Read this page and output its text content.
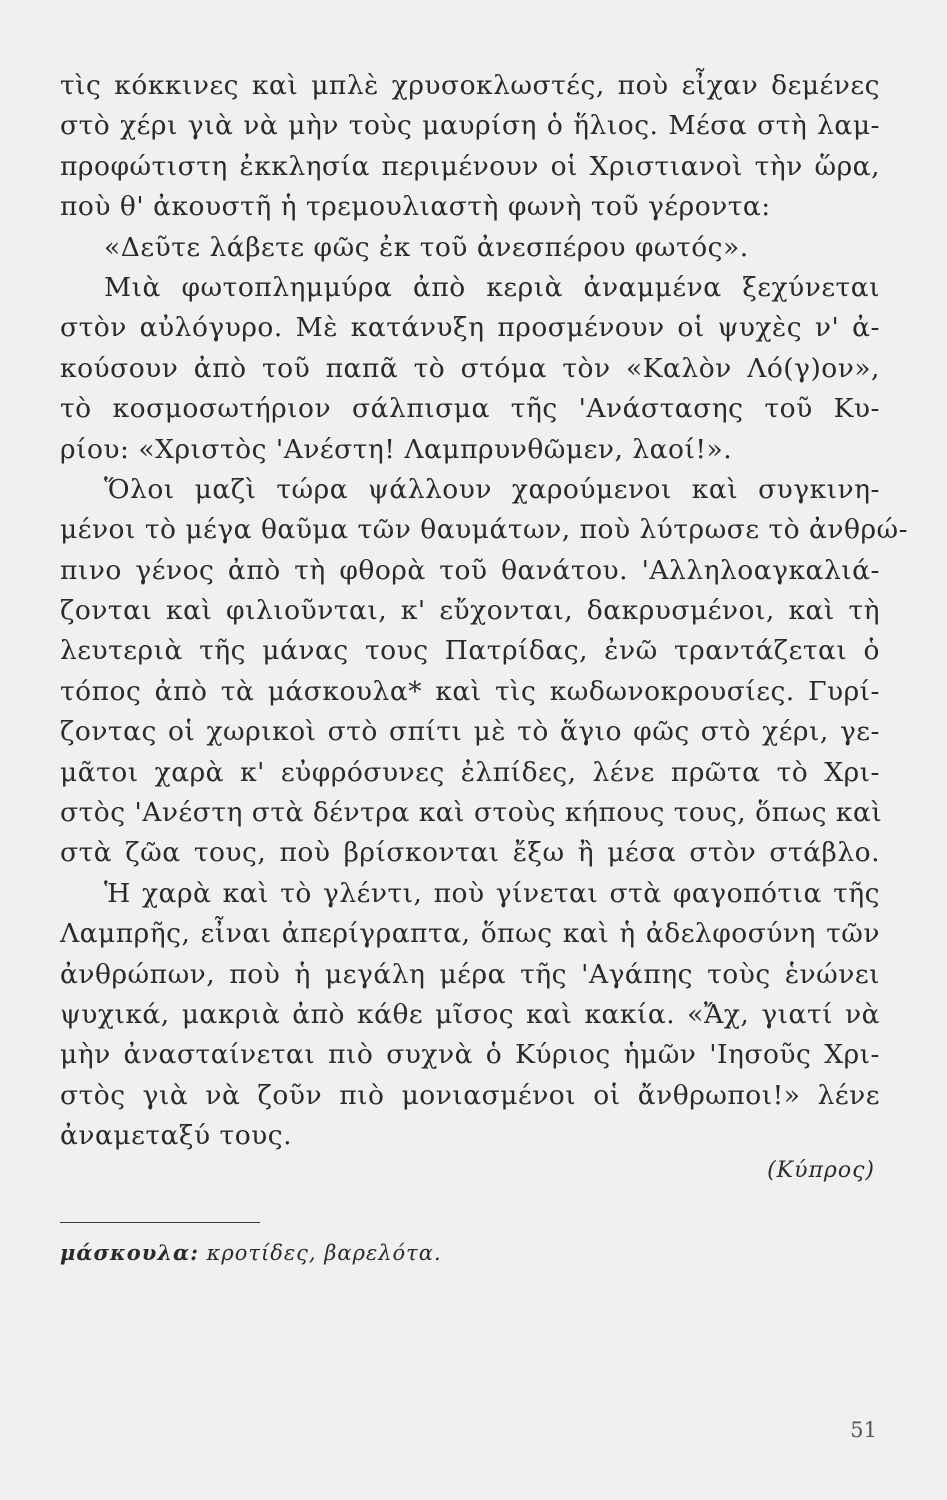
τὶς κόκκινες καὶ μπλὲ χρυσοκλωστές, ποὺ εἶχαν δεμένες
στὸ χέρι γιὰ νὰ μὴν τοὺς μαυρίση ὁ ἥλιος. Μέσα στὴ λαμ-
προφώτιστη ἐκκλησία περιμένουν οἱ Χριστιανοὶ τὴν ὥρα,
ποὺ θ' ἀκουστῆ ἡ τρεμουλιαστὴ φωνὴ τοῦ γέροντα:
«Δεῦτε λάβετε φῶς ἐκ τοῦ ἀνεσπέρου φωτός».
Μιὰ φωτοπλημμύρα ἀπὸ κεριὰ ἀναμμένα ξεχύνεται
στὸν αὐλόγυρο. Μὲ κατάνυξη προσμένουν οἱ ψυχὲς ν' ἀ-
κούσουν ἀπὸ τοῦ παπᾶ τὸ στόμα τὸν «Καλὸν Λό(γ)ον»,
τὸ κοσμοσωτήριον σάλπισμα τῆς 'Ανάστασης τοῦ Κυ-
ρίου: «Χριστὸς 'Ανέστη! Λαμπρυνθῶμεν, λαοί!».
Ὅλοι μαζὶ τώρα ψάλλουν χαρούμενοι καὶ συγκινη-
μένοι τὸ μέγα θαῦμα τῶν θαυμάτων, ποὺ λύτρωσε τὸ ἀνθρώ-
πινο γένος ἀπὸ τὴ φθορὰ τοῦ θανάτου. 'Αλληλοαγκαλιά-
ζονται καὶ φιλιοῦνται, κ' εὔχονται, δακρυσμένοι, καὶ τὴ
λευτεριὰ τῆς μάνας τους Πατρίδας, ἐνῶ τραντάζεται ὁ
τόπος ἀπὸ τὰ μάσκουλα* καὶ τὶς κωδωνοκρουσίες. Γυρί-
ζοντας οἱ χωρικοὶ στὸ σπίτι μὲ τὸ ἅγιο φῶς στὸ χέρι, γε-
μᾶτοι χαρὰ κ' εὐφρόσυνες ἐλπίδες, λένε πρῶτα τὸ Χρι-
στὸς 'Ανέστη στὰ δέντρα καὶ στοὺς κήπους τους, ὅπως καὶ
στὰ ζῶα τους, ποὺ βρίσκονται ἔξω ἢ μέσα στὸν στάβλο.
Ἡ χαρὰ καὶ τὸ γλέντι, ποὺ γίνεται στὰ φαγοπότια τῆς
Λαμπρῆς, εἶναι ἀπερίγραπτα, ὅπως καὶ ἡ ἀδελφοσύνη τῶν
ἀνθρώπων, ποὺ ἡ μεγάλη μέρα τῆς 'Αγάπης τοὺς ἑνώνει
ψυχικά, μακριὰ ἀπὸ κάθε μῖσος καὶ κακία. «Ἄχ, γιατί νὰ
μὴν ἀνασταίνεται πιὸ συχνὰ ὁ Κύριος ἡμῶν 'Ιησοῦς Χρι-
στὸς γιὰ νὰ ζοῦν πιὸ μονιασμένοι οἱ ἄνθρωποι!» λένε
ἀναμεταξύ τους.
(Κύπρος)
μάσκουλα: κροτίδες, βαρελότα.
51
